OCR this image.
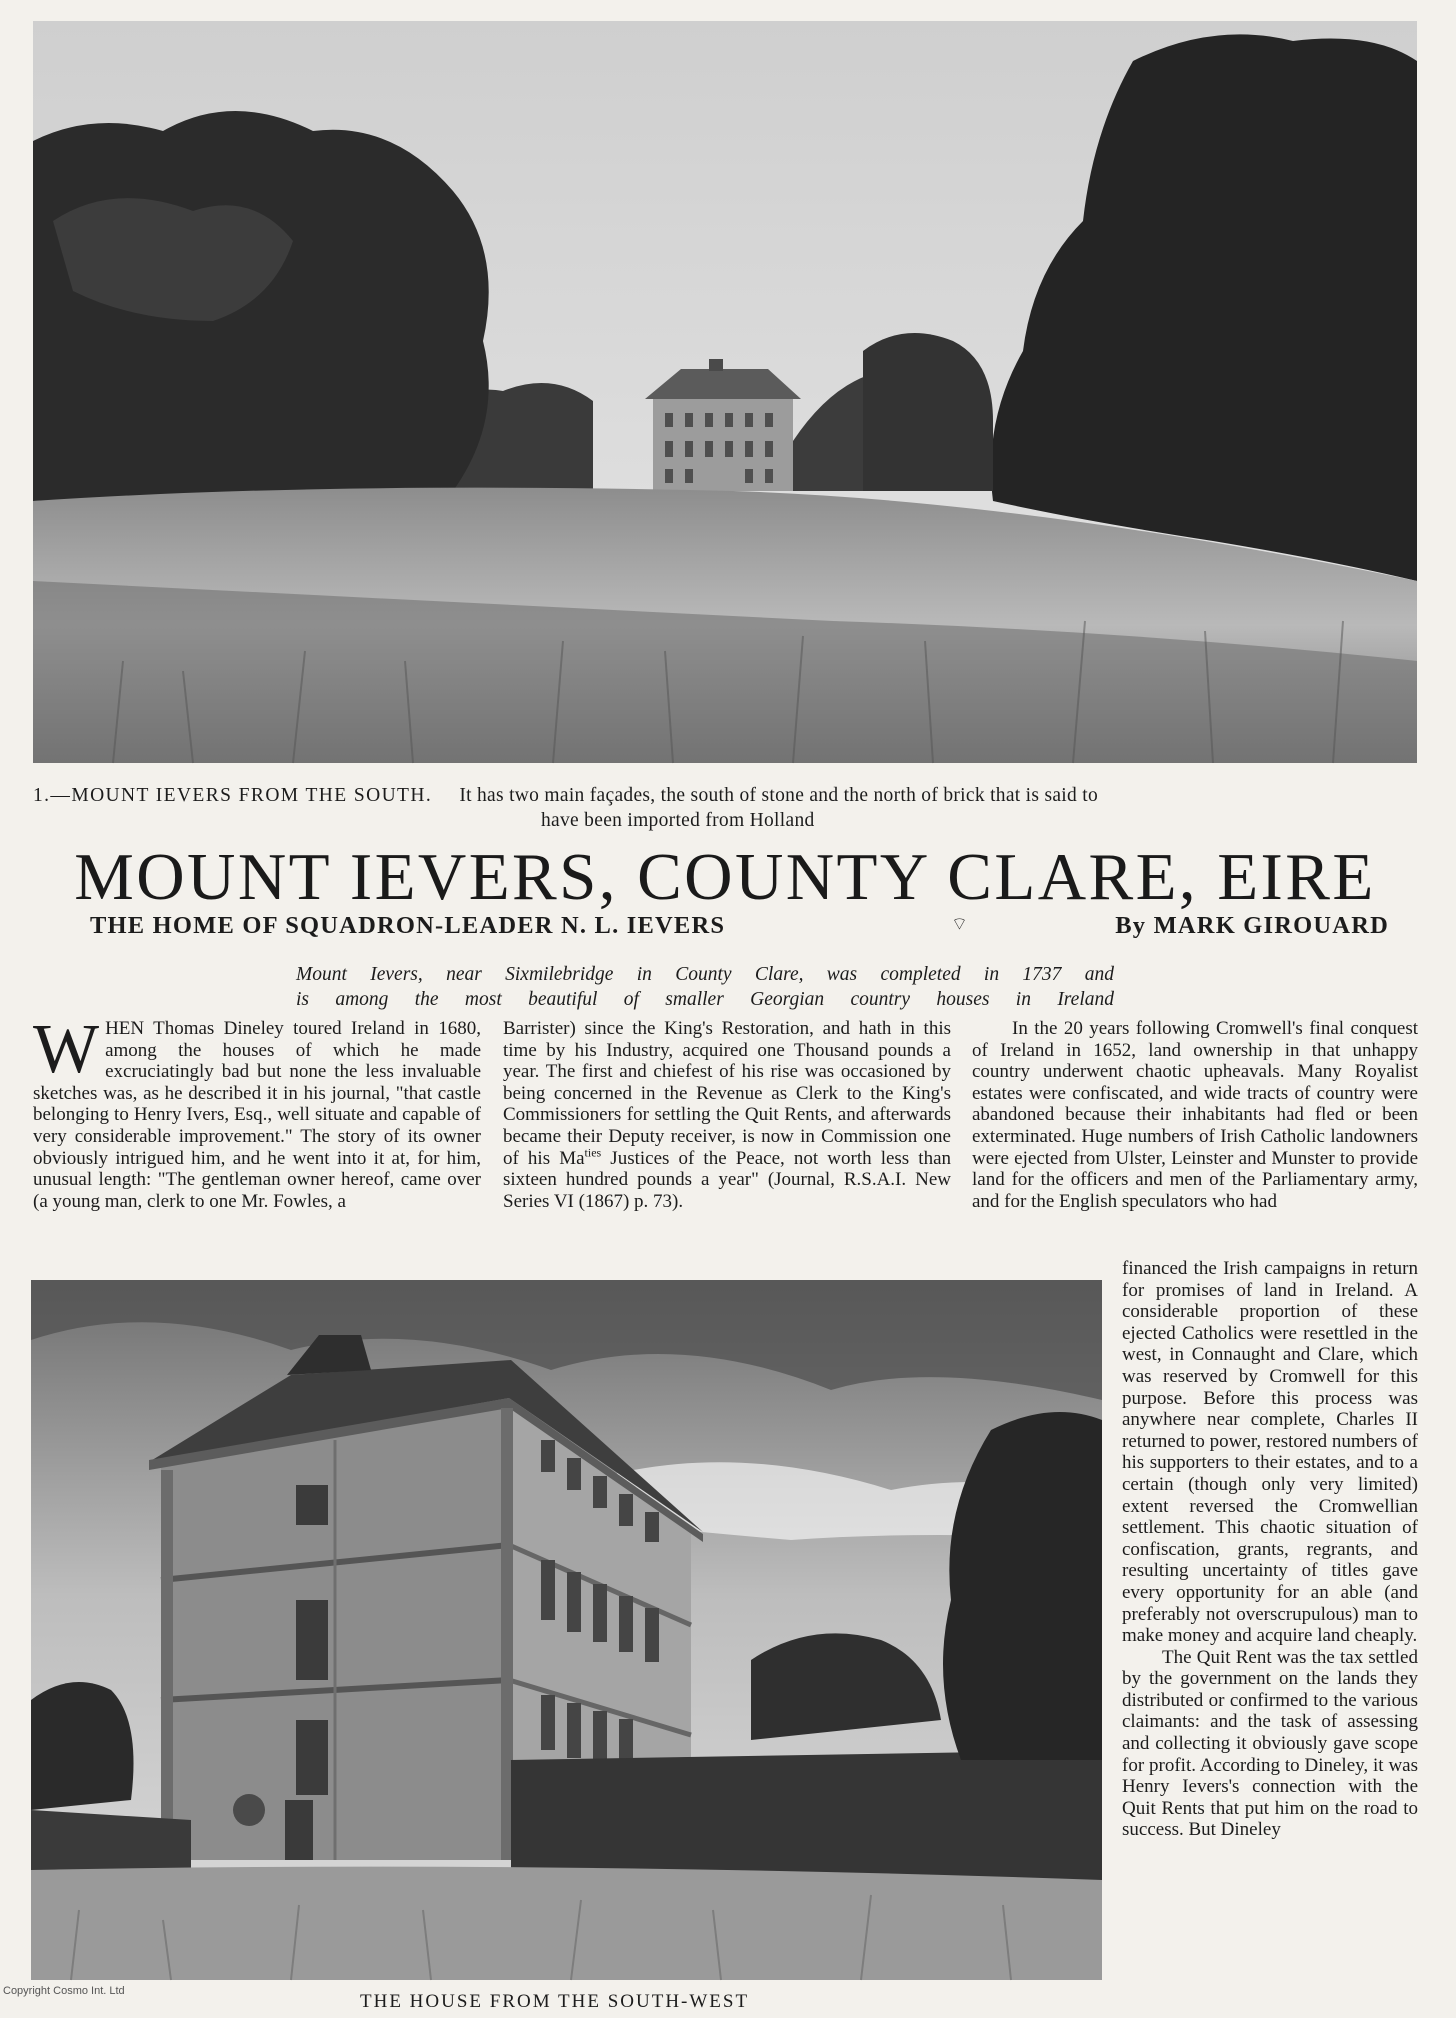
1.—MOUNT IEVERS FROM THE SOUTH. It has two main façades, the south of stone and the north of brick that is said to
have been imported from Holland
MOUNT IEVERS, COUNTY CLARE, EIRE
THE HOME OF SQUADRON-LEADER N. L. IEVERS	⌔	By MARK GIROUARD
Mount Ievers, near Sixmilebridge in County Clare, was completed in 1737 and
is among the most beautiful of smaller Georgian country houses in Ireland

WHEN Thomas Dineley toured Ireland in 1680, among the houses of which he made excruciatingly bad but none the less invaluable sketches was, as he described it in his journal, "that castle belonging to Henry Ivers, Esq., well situate and capable of very considerable improvement." The story of its owner obviously intrigued him, and he went into it at, for him, unusual length: "The gentleman owner hereof, came over (a young man, clerk to one Mr. Fowles, a

Barrister) since the King's Restoration, and hath in this time by his Industry, acquired one Thousand pounds a year. The first and chiefest of his rise was occasioned by being concerned in the Revenue as Clerk to the King's Commissioners for settling the Quit Rents, and afterwards became their Deputy receiver, is now in Commission one of his $Ma^{ties}$ Justices of the Peace, not worth less than sixteen hundred pounds a year" (Journal, R.S.A.I. New Series VI (1867) p. 73).

In the 20 years following Cromwell's final conquest of Ireland in 1652, land ownership in that unhappy country underwent chaotic upheavals. Many Royalist estates were confiscated, and wide tracts of country were abandoned because their inhabitants had fled or been exterminated. Huge numbers of Irish Catholic landowners were ejected from Ulster, Leinster and Munster to provide land for the officers and men of the Parliamentary army, and for the English speculators who had

financed the Irish campaigns in return for promises of land in Ireland. A considerable proportion of these ejected Catholics were resettled in the west, in Connaught and Clare, which was reserved by Cromwell for this purpose. Before this process was anywhere near complete, Charles II returned to power, restored numbers of his supporters to their estates, and to a certain (though only very limited) extent reversed the Cromwellian settlement. This chaotic situation of confiscation, grants, regrants, and resulting uncertainty of titles gave every opportunity for an able (and preferably not overscrupulous) man to make money and acquire land cheaply.

The Quit Rent was the tax settled by the government on the lands they distributed or confirmed to the various claimants: and the task of assessing and collecting it obviously gave scope for profit. According to Dineley, it was Henry Ievers's connection with the Quit Rents that put him on the road to success. But Dineley

THE HOUSE FROM THE SOUTH-WEST
Copyright Cosmo Int. Ltd
